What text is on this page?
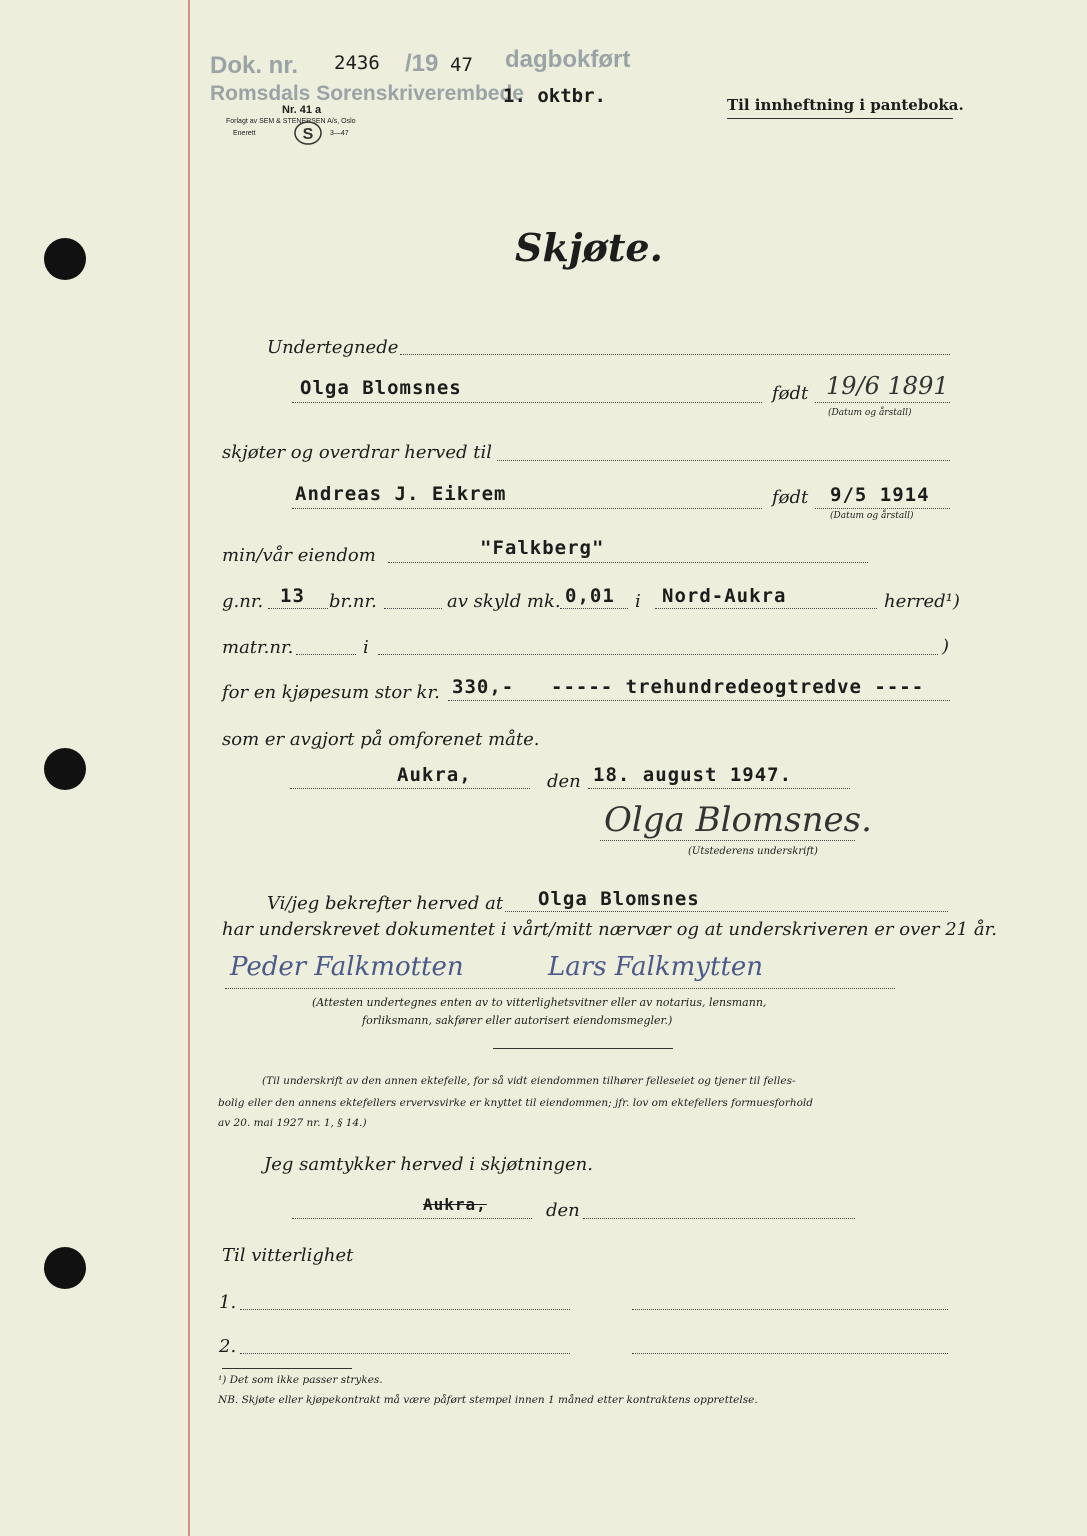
Dok. nr. 2436 /19 47 dagbokført
Romsdals Sorenskriverembede
1. oktbr.
Nr. 41 a
Forlagt av SEM & STENERSEN A/s, Oslo
Enerett	S 3—47
Til innheftning i panteboka.
Skjøte.
Undertegnede
Olga Blomsnes	født 19/6 1891
(Datum og årstall)
skjøter og overdrar herved til
Andreas J. Eikrem	født 9/5 1914
(Datum og årstall)
min/vår eiendom	"Falkberg"
g.nr. 13 br.nr.	av skyld mk. 0,01 i Nord-Aukra	herred¹)
matr.nr.	i	)
for en kjøpesum stor kr. 330,- ----- trehundredeogtredve ----
som er avgjort på omforenet måte.
Aukra,	den 18. august 1947.
Olga Blomsnes.
(Utstederens underskrift)
Vi/jeg bekrefter herved at Olga Blomsnes
har underskrevet dokumentet i vårt/mitt nærvær og at underskriveren er over 21 år.
Peder Falkmotten	Lars Falkmytten
(Attesten undertegnes enten av to vitterlighetsvitner eller av notarius, lensmann,
forliksmann, sakfører eller autorisert eiendomsmegler.)
(Til underskrift av den annen ektefelle, for så vidt eiendommen tilhører felleseiet og tjener til felles-
bolig eller den annens ektefellers ervervsvirke er knyttet til eiendommen; jfr. lov om ektefellers formuesforhold
av 20. mai 1927 nr. 1, § 14.)
Jeg samtykker herved i skjøtningen.
Aukra,	den
Til vitterlighet
1.
2.
¹) Det som ikke passer strykes.
NB. Skjøte eller kjøpekontrakt må være påført stempel innen 1 måned etter kontraktens opprettelse.
